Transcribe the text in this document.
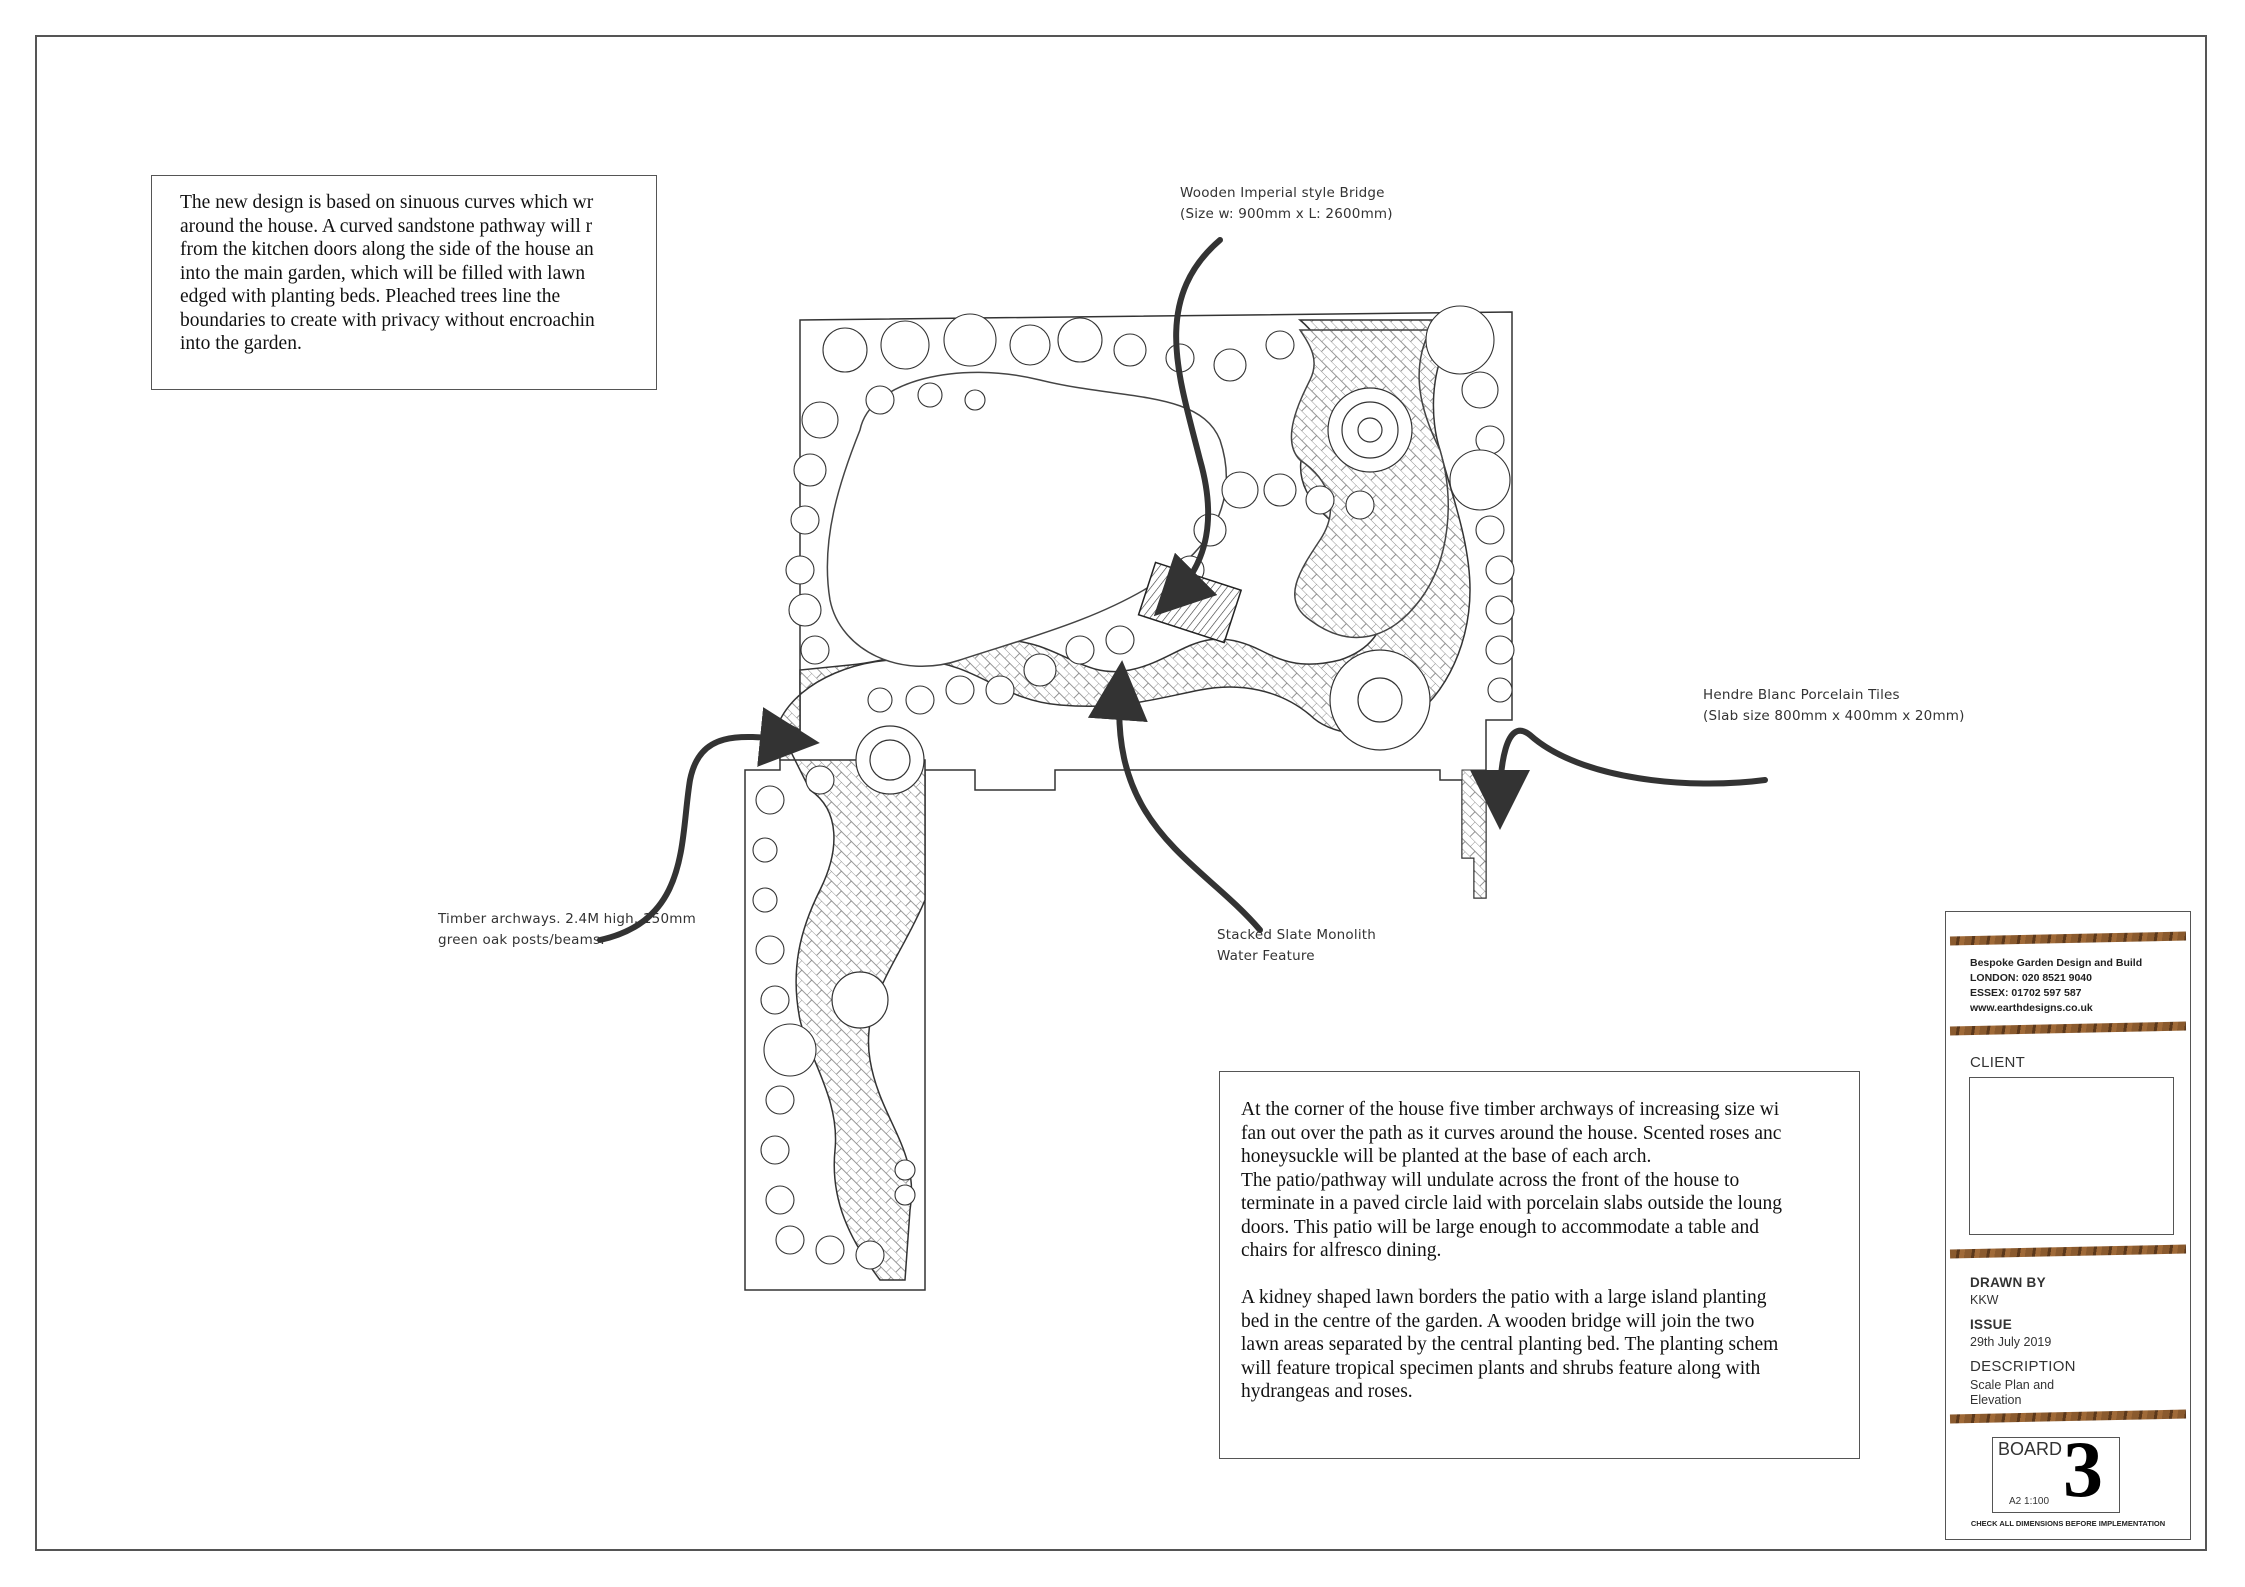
The new design is based on sinuous curves which wr
around the house. A curved sandstone pathway will r
from the kitchen doors along the side of the house an
into the main garden, which will be filled with lawn
edged with planting beds. Pleached trees line the
boundaries to create with privacy without encroachin
into the garden.

At the corner of the house five timber archways of increasing size wi
fan out over the path as it curves around the house. Scented roses anc
honeysuckle will be planted at the base of each arch.
The patio/pathway will undulate across the front of the house to
terminate in a paved circle laid with porcelain slabs outside the loung
doors. This patio will be large enough to accommodate a table and
chairs for alfresco dining.

A kidney shaped lawn borders the patio with a large island planting
bed in the centre of the garden. A wooden bridge will join the two
lawn areas separated by the central planting bed. The planting schem
will feature tropical specimen plants and shrubs feature along with
hydrangeas and roses.

Wooden Imperial style Bridge
(Size w: 900mm x L: 2600mm)
Hendre Blanc Porcelain Tiles
(Slab size 800mm x 400mm x 20mm)
Timber archways. 2.4M high. 150mm
green oak posts/beams.	Stacked Slate Monolith
Water Feature	Bespoke Garden Design and Build
LONDON: 020 8521 9040
ESSEX: 01702 597 587
www.earthdesigns.co.uk
CLIENT
DRAWN BY
KKW
ISSUE
29th July 2019
DESCRIPTION
Scale Plan and
Elevation
BOARD 3
A2 1:100
CHECK ALL DIMENSIONS BEFORE IMPLEMENTATION
